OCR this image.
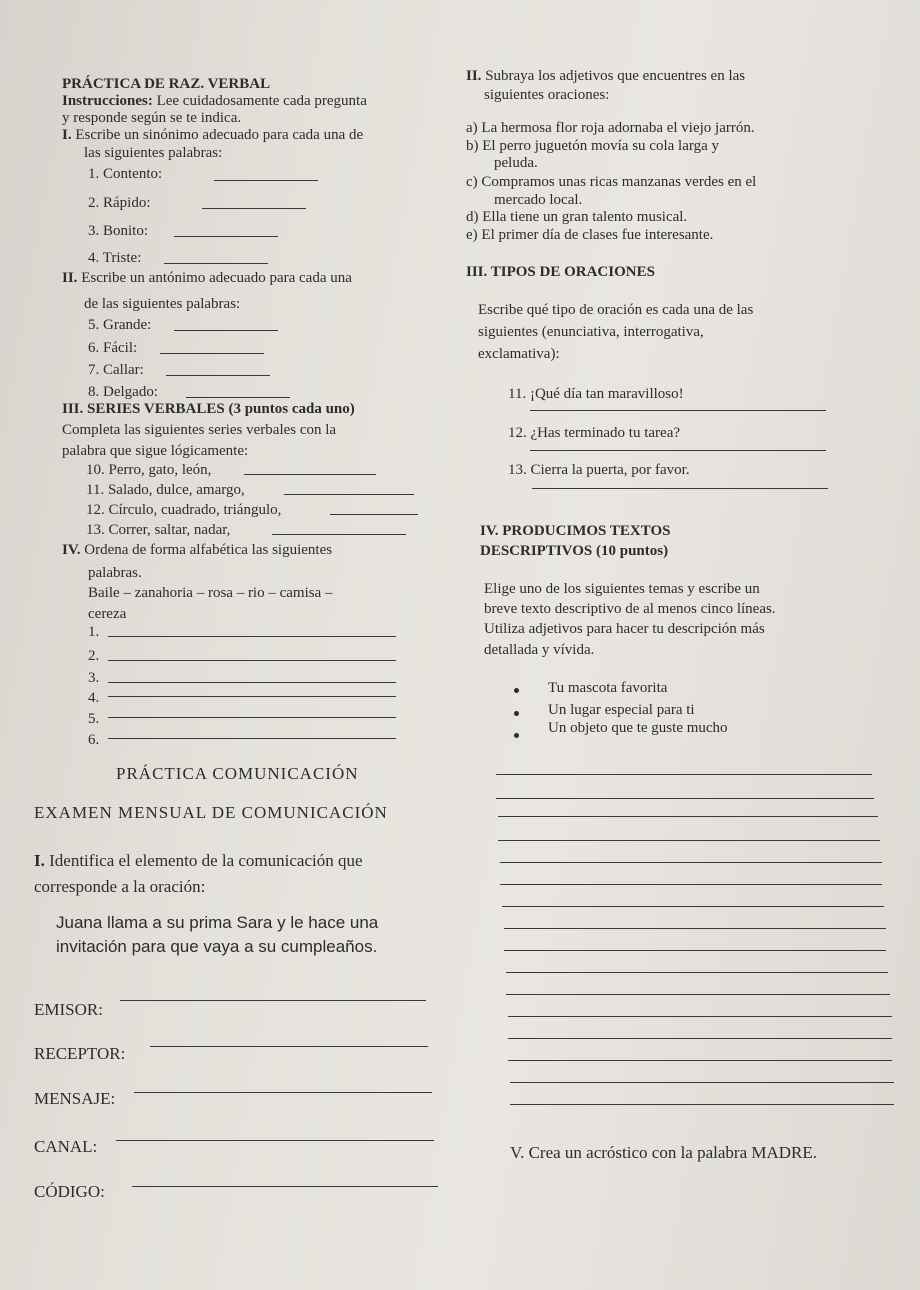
PRÁCTICA DE RAZ. VERBAL
Instrucciones: Lee cuidadosamente cada pregunta
y responde según se te indica.
I. Escribe un sinónimo adecuado para cada una de
las siguientes palabras:
1. Contento:
2. Rápido:
3. Bonito:
4. Triste:
II. Escribe un antónimo adecuado para cada una
de las siguientes palabras:
5. Grande:
6. Fácil:
7. Callar:
8. Delgado:
III. SERIES VERBALES (3 puntos cada uno)
Completa las siguientes series verbales con la
palabra que sigue lógicamente:
10. Perro, gato, león,
11. Salado, dulce, amargo,
12. Círculo, cuadrado, triángulo,
13. Correr, saltar, nadar,
IV. Ordena de forma alfabética las siguientes
palabras.
Baile – zanahoria – rosa – rio – camisa –
cereza
1.
2.
3.
4.
5.
6.
PRÁCTICA COMUNICACIÓN
EXAMEN MENSUAL DE COMUNICACIÓN
I. Identifica el elemento de la comunicación que
corresponde a la oración:
Juana llama a su prima Sara y le hace una
invitación para que vaya a su cumpleaños.
EMISOR:
RECEPTOR:
MENSAJE:
CANAL:
CÓDIGO:
II. Subraya los adjetivos que encuentres en las
siguientes oraciones:
a) La hermosa flor roja adornaba el viejo jarrón.
b) El perro juguetón movía su cola larga y
peluda.
c) Compramos unas ricas manzanas verdes en el
mercado local.
d) Ella tiene un gran talento musical.
e) El primer día de clases fue interesante.
III. TIPOS DE ORACIONES
Escribe qué tipo de oración es cada una de las
siguientes (enunciativa, interrogativa,
exclamativa):
11. ¡Qué día tan maravilloso!
12. ¿Has terminado tu tarea?
13. Cierra la puerta, por favor.
IV. PRODUCIMOS TEXTOS
DESCRIPTIVOS (10 puntos)
Elige uno de los siguientes temas y escribe un
breve texto descriptivo de al menos cinco líneas.
Utiliza adjetivos para hacer tu descripción más
detallada y vívida.
Tu mascota favorita
Un lugar especial para ti
Un objeto que te guste mucho
V. Crea un acróstico con la palabra MADRE.
